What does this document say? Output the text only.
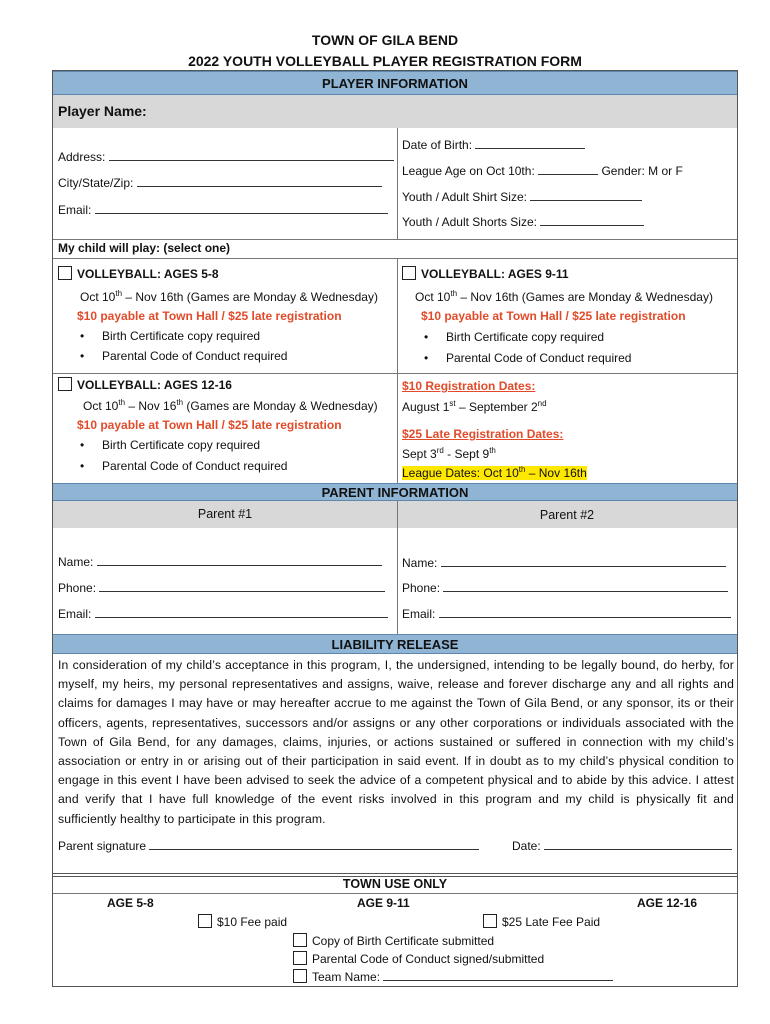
TOWN OF GILA BEND
2022 YOUTH VOLLEYBALL PLAYER REGISTRATION FORM
PLAYER INFORMATION
Player Name:
Address:
City/State/Zip:
Email:
Date of Birth:
League Age on Oct 10th:	Gender: M or F
Youth / Adult Shirt Size:
Youth / Adult Shorts Size:
My child will play: (select one)
VOLLEYBALL: AGES 5-8
Oct 10th – Nov 16th (Games are Monday & Wednesday)
$10 payable at Town Hall / $25 late registration
• Birth Certificate copy required
• Parental Code of Conduct required
VOLLEYBALL: AGES 9-11
Oct 10th – Nov 16th (Games are Monday & Wednesday)
$10 payable at Town Hall / $25 late registration
• Birth Certificate copy required
• Parental Code of Conduct required
VOLLEYBALL: AGES 12-16
Oct 10th – Nov 16th (Games are Monday & Wednesday)
$10 payable at Town Hall / $25 late registration
• Birth Certificate copy required
• Parental Code of Conduct required
$10 Registration Dates:
August 1st – September 2nd
$25 Late Registration Dates:
Sept 3rd - Sept 9th
League Dates: Oct 10th – Nov 16th
PARENT INFORMATION
Parent #1	Parent #2
Name:
Phone:
Email:
Name:
Phone:
Email:
LIABILITY RELEASE
In consideration of my child’s acceptance in this program, I, the undersigned, intending to be legally bound, do herby, for myself, my heirs, my personal representatives and assigns, waive, release and forever discharge any and all rights and claims for damages I may have or may hereafter accrue to me against the Town of Gila Bend, or any sponsor, its or their officers, agents, representatives, successors and/or assigns or any other corporations or individuals associated with the Town of Gila Bend, for any damages, claims, injuries, or actions sustained or suffered in connection with my child’s association or entry in or arising out of their participation in said event. If in doubt as to my child’s physical condition to engage in this event I have been advised to seek the advice of a competent physical and to abide by this advice. I attest and verify that I have full knowledge of the event risks involved in this program and my child is physically fit and sufficiently healthy to participate in this program.
Parent signature	Date:
TOWN USE ONLY
AGE 5-8	AGE 9-11	AGE 12-16
$10 Fee paid	$25 Late Fee Paid
Copy of Birth Certificate submitted
Parental Code of Conduct signed/submitted
Team Name:
